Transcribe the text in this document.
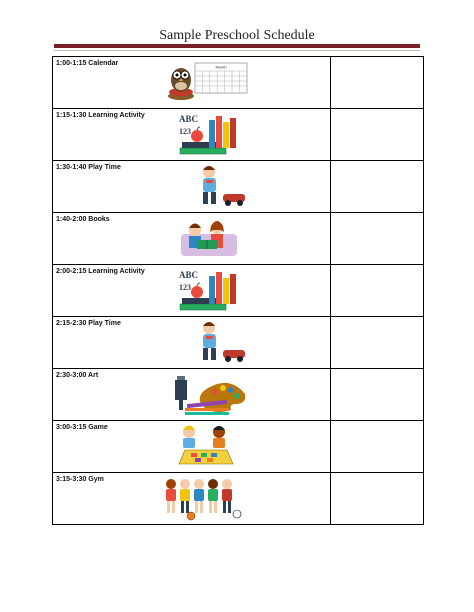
Sample Preschool Schedule
1:00-1:15 Calendar Month	

1:15-1:30 Learning Activity ABC
123	

1:30-1:40 Play Time	

1:40-2:00 Books	

2:00-2:15 Learning Activity ABC
123	

2:15-2:30 Play Time	

2:30-3:00 Art	

3:00-3:15 Game	

3:15-3:30 Gym	
